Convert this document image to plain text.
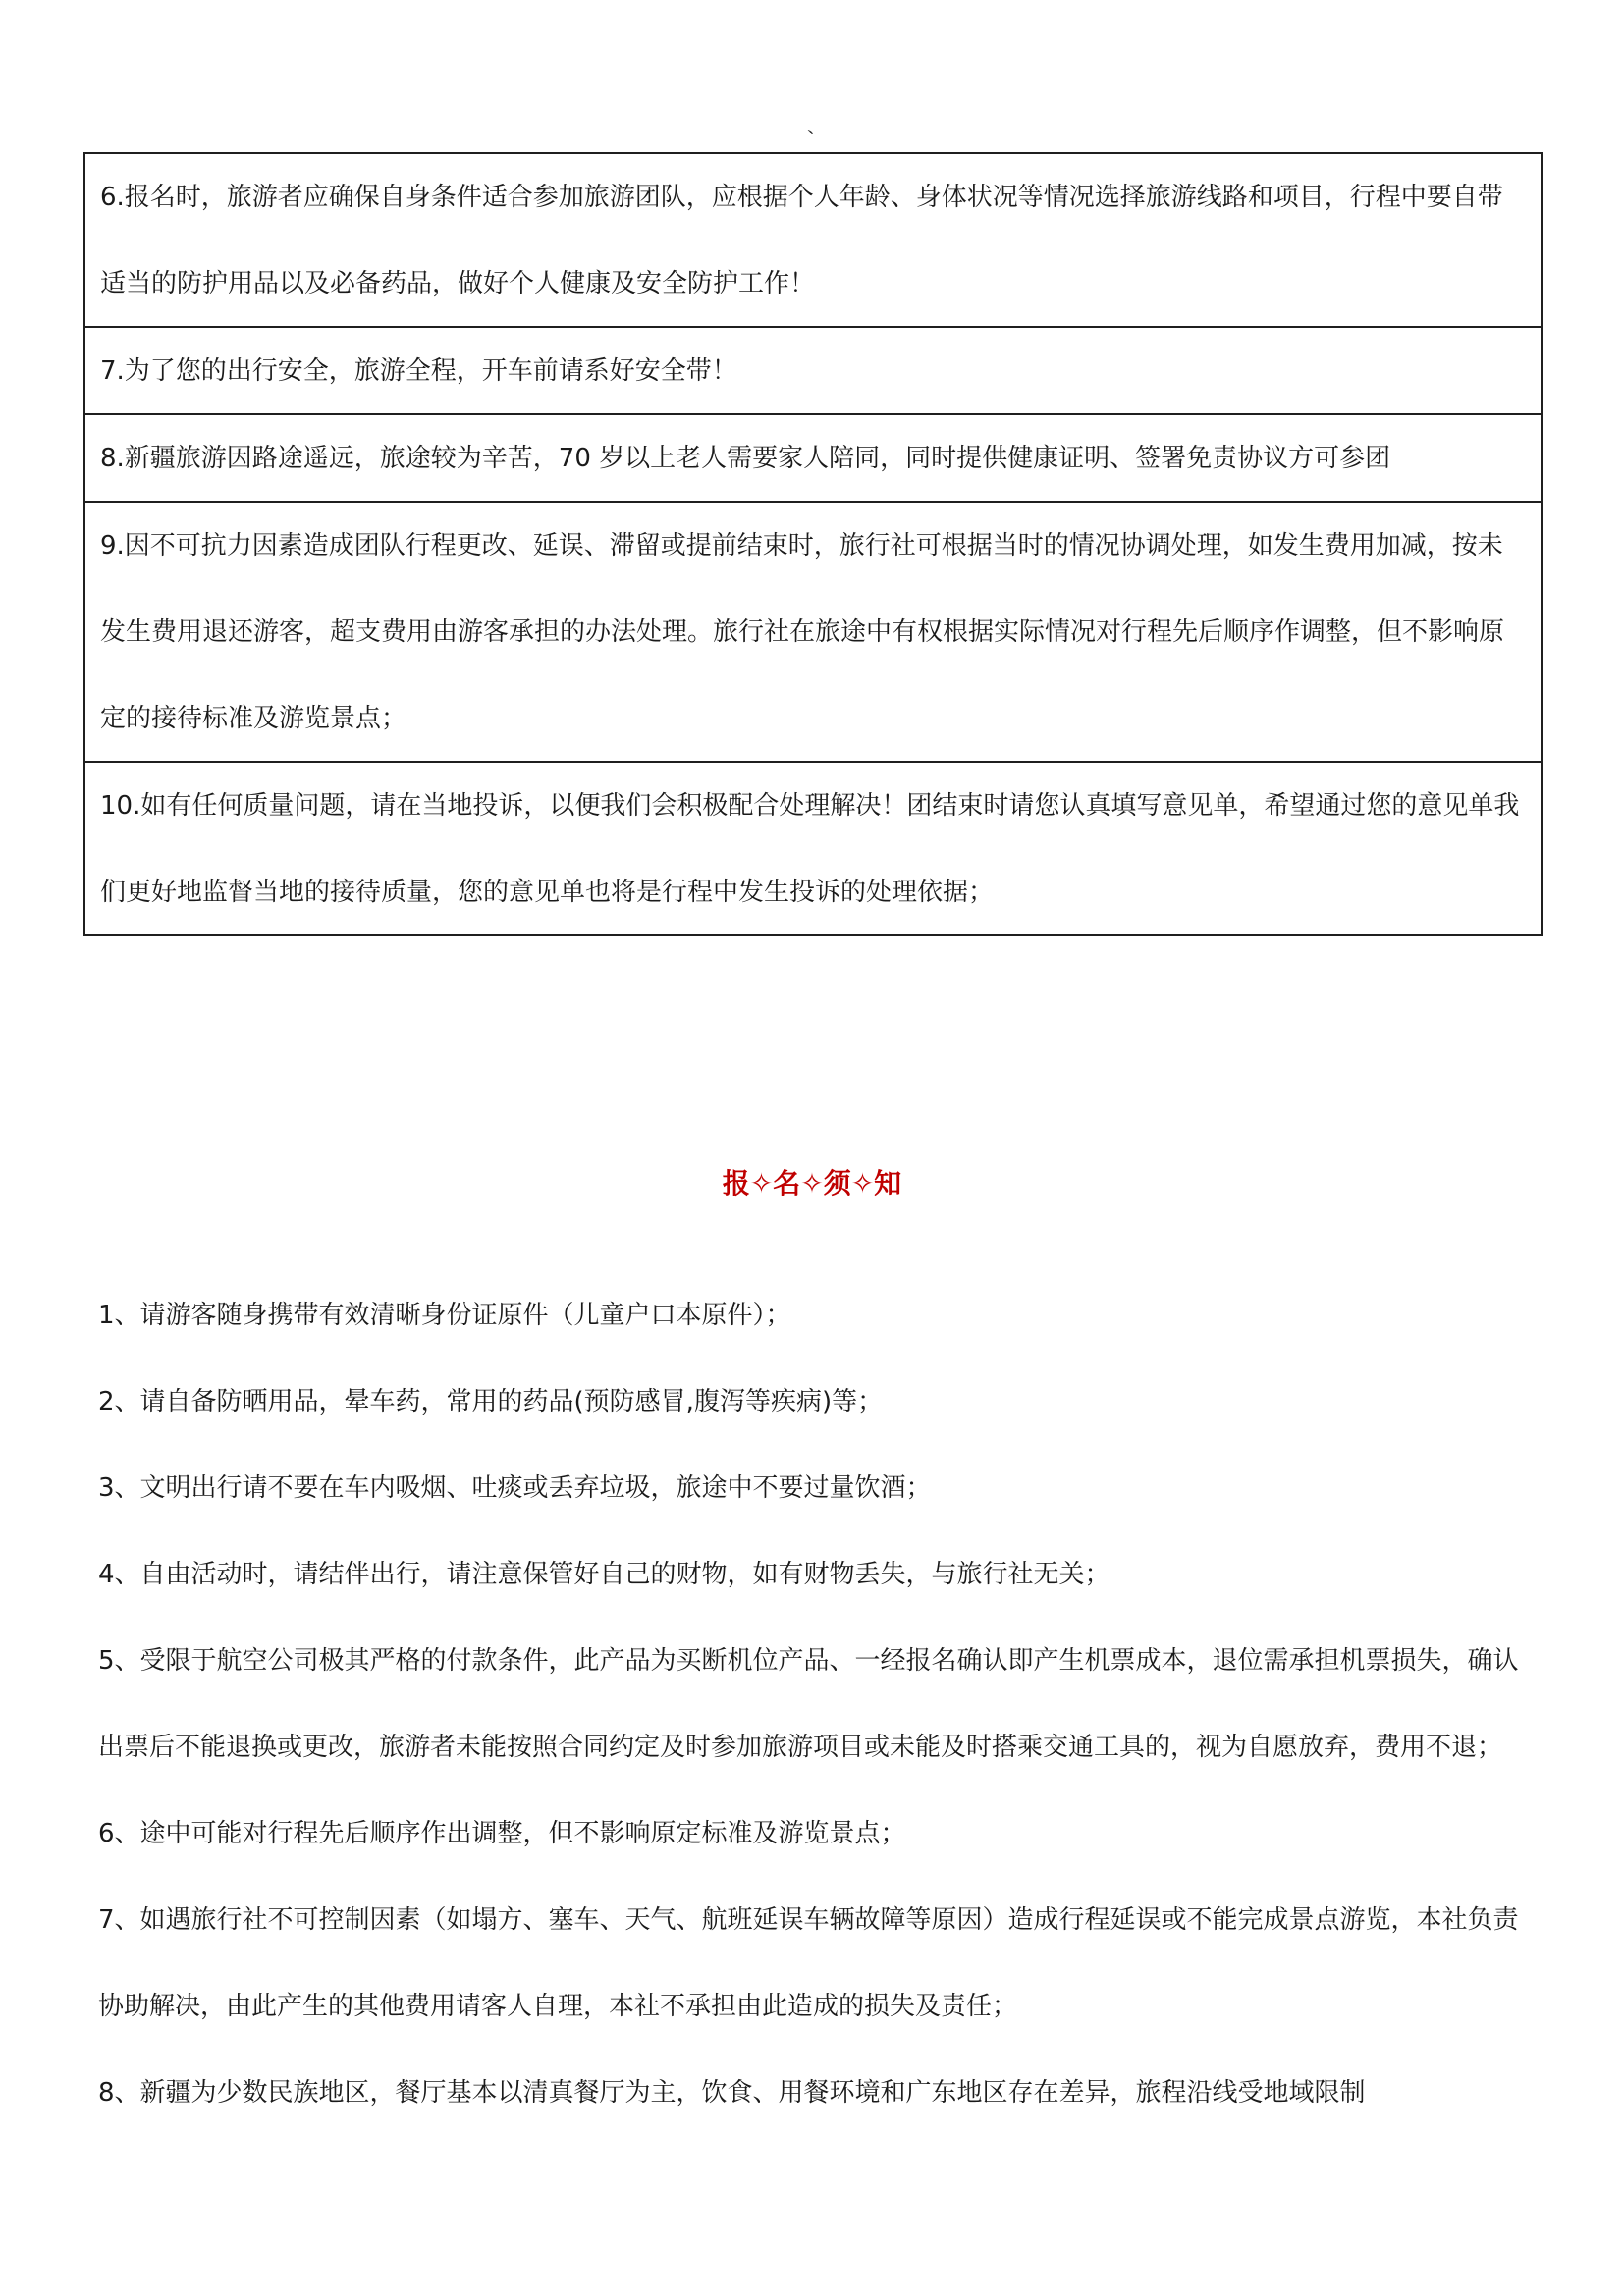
、
6.报名时，旅游者应确保自身条件适合参加旅游团队，应根据个人年龄、身体状况等情况选择旅游线路和项目，行程中要自带适当的防护用品以及必备药品，做好个人健康及安全防护工作！

7.为了您的出行安全，旅游全程，开车前请系好安全带！

8.新疆旅游因路途遥远，旅途较为辛苦，70 岁以上老人需要家人陪同，同时提供健康证明、签署免责协议方可参团

9.因不可抗力因素造成团队行程更改、延误、滞留或提前结束时，旅行社可根据当时的情况协调处理，如发生费用加减，按未发生费用退还游客，超支费用由游客承担的办法处理。旅行社在旅途中有权根据实际情况对行程先后顺序作调整，但不影响原定的接待标准及游览景点；

10.如有任何质量问题，请在当地投诉，以便我们会积极配合处理解决！团结束时请您认真填写意见单，希望通过您的意见单我们更好地监督当地的接待质量，您的意见单也将是行程中发生投诉的处理依据；
报✧名✧须✧知
1、请游客随身携带有效清晰身份证原件（儿童户口本原件）；
2、请自备防晒用品，晕车药，常用的药品(预防感冒,腹泻等疾病)等；
3、文明出行请不要在车内吸烟、吐痰或丢弃垃圾，旅途中不要过量饮酒；
4、自由活动时，请结伴出行，请注意保管好自己的财物，如有财物丢失，与旅行社无关；
5、受限于航空公司极其严格的付款条件，此产品为买断机位产品、一经报名确认即产生机票成本，退位需承担机票损失，确认出票后不能退换或更改，旅游者未能按照合同约定及时参加旅游项目或未能及时搭乘交通工具的，视为自愿放弃，费用不退；
6、途中可能对行程先后顺序作出调整，但不影响原定标准及游览景点；
7、如遇旅行社不可控制因素（如塌方、塞车、天气、航班延误车辆故障等原因）造成行程延误或不能完成景点游览，本社负责协助解决，由此产生的其他费用请客人自理，本社不承担由此造成的损失及责任；
8、新疆为少数民族地区，餐厅基本以清真餐厅为主，饮食、用餐环境和广东地区存在差异，旅程沿线受地域限制
